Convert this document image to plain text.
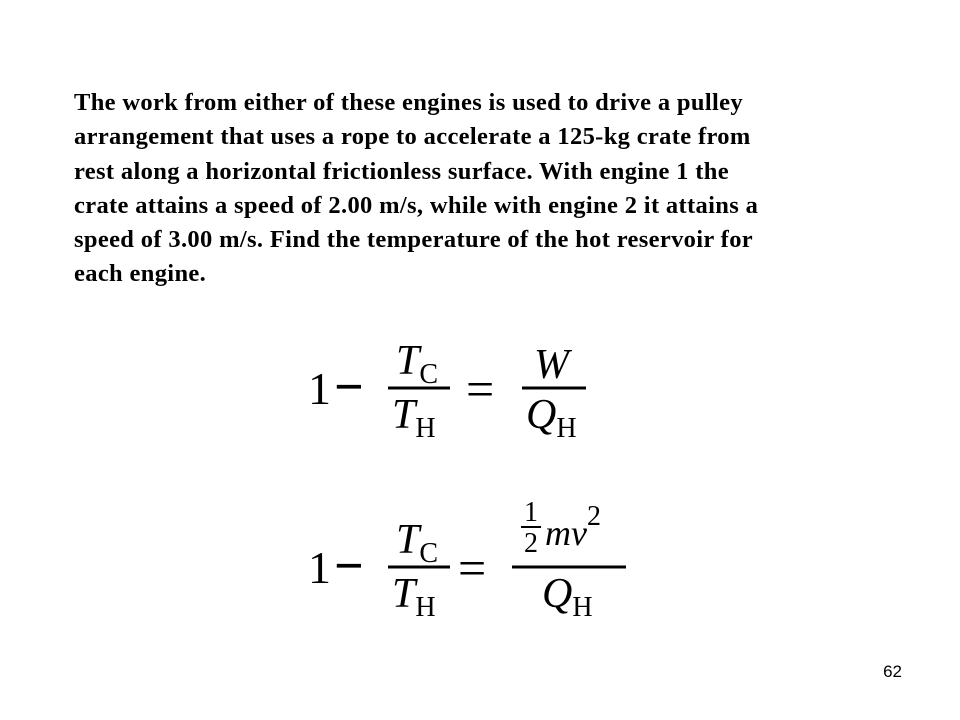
The work from either of these engines is used to drive a pulley
arrangement that uses a rope to accelerate a 125-kg crate from
rest along a horizontal frictionless surface. With engine 1 the
crate attains a speed of 2.00 m/s, while with engine 2 it attains a
speed of 3.00 m/s. Find the temperature of the hot reservoir for
each engine.

1 − TC
TH
= W
QH
1 − TC
TH
=
1
2 mv2
QH
62
